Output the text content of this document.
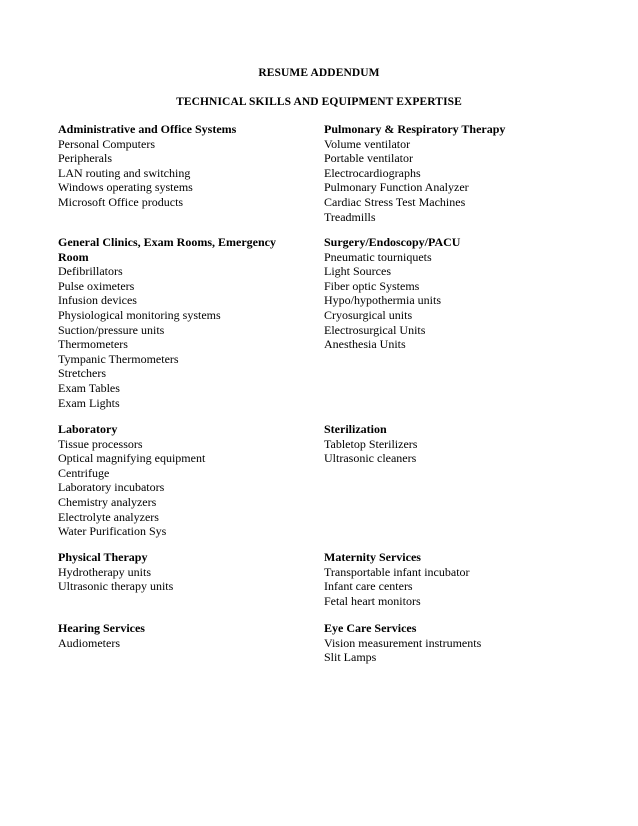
RESUME ADDENDUM
TECHNICAL SKILLS AND EQUIPMENT EXPERTISE

Administrative and Office Systems

Personal Computers
Peripherals
LAN routing and switching
Windows operating systems
Microsoft Office products

Pulmonary & Respiratory Therapy

Volume ventilator
Portable ventilator
Electrocardiographs
Pulmonary Function Analyzer
Cardiac Stress Test Machines
Treadmills

General Clinics, Exam Rooms, Emergency

Room

Defibrillators
Pulse oximeters
Infusion devices
Physiological monitoring systems
Suction/pressure units
Thermometers
Tympanic Thermometers
Stretchers
Exam Tables
Exam Lights

Surgery/Endoscopy/PACU

Pneumatic tourniquets
Light Sources
Fiber optic Systems
Hypo/hypothermia units
Cryosurgical units
Electrosurgical Units
Anesthesia Units

Laboratory

Tissue processors
Optical magnifying equipment
Centrifuge
Laboratory incubators
Chemistry analyzers
Electrolyte analyzers
Water Purification Sys

Sterilization

Tabletop Sterilizers
Ultrasonic cleaners

Physical Therapy

Hydrotherapy units
Ultrasonic therapy units

Maternity Services

Transportable infant incubator
Infant care centers
Fetal heart monitors

Hearing Services

Audiometers

Eye Care Services

Vision measurement instruments
Slit Lamps
